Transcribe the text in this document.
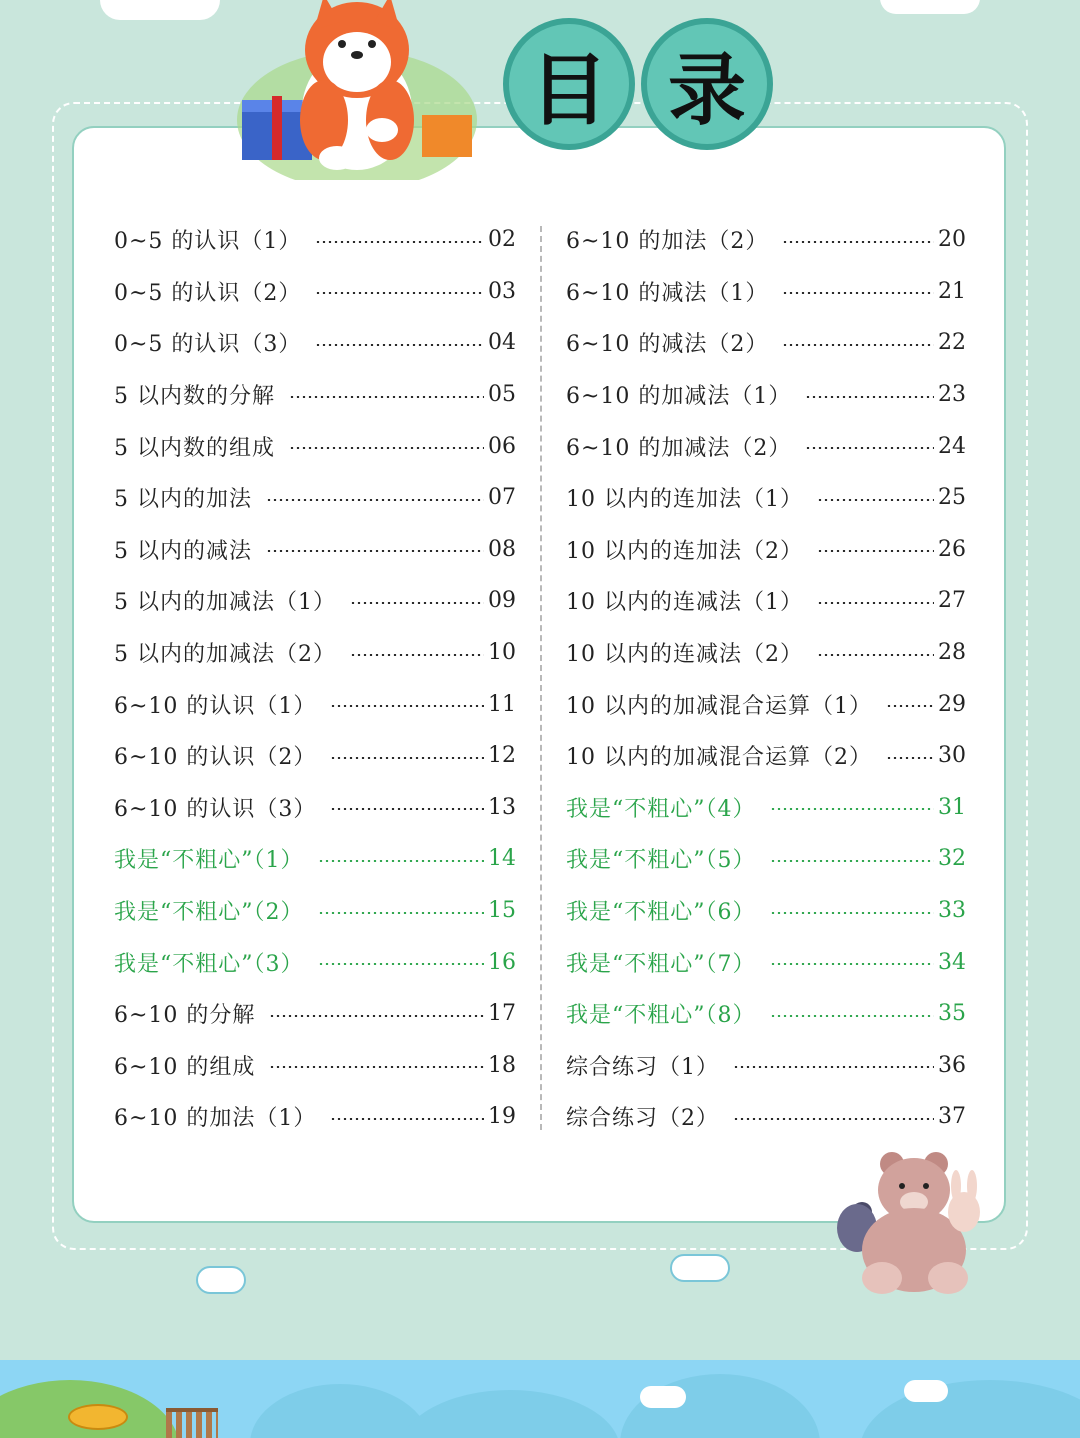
目 录
0~5 的认识（1）	02
0~5 的认识（2）	03
0~5 的认识（3）	04
5 以内数的分解	05
5 以内数的组成	06
5 以内的加法	07
5 以内的减法	08
5 以内的加减法（1）	09
5 以内的加减法（2）	10
6~10 的认识（1）	11
6~10 的认识（2）	12
6~10 的认识（3）	13
我是“不粗心”（1）	14
我是“不粗心”（2）	15
我是“不粗心”（3）	16
6~10 的分解	17
6~10 的组成	18
6~10 的加法（1）	19
6~10 的加法（2）	20
6~10 的减法（1）	21
6~10 的减法（2）	22
6~10 的加减法（1）	23
6~10 的加减法（2）	24
10 以内的连加法（1）	25
10 以内的连加法（2）	26
10 以内的连减法（1）	27
10 以内的连减法（2）	28
10 以内的加减混合运算（1）	29
10 以内的加减混合运算（2）	30
我是“不粗心”（4）	31
我是“不粗心”（5）	32
我是“不粗心”（6）	33
我是“不粗心”（7）	34
我是“不粗心”（8）	35
综合练习（1）	36
综合练习（2）	37
